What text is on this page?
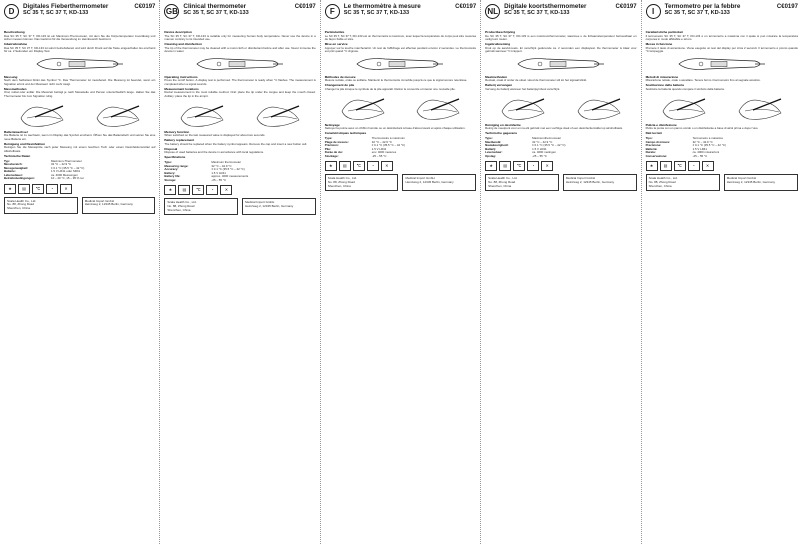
D
Digitales Fieberthermometer
SC 35 T, SC 37 T, KD-133
C€0197
Beschreibung
Das SC 35 T, SC 37 T, KD-133 ist ein Maximum-Thermometer, mit dem Sie die Körpertemperatur zuverlässig und sicher messen können. Das Gerät ist für die Verwendung im Heimbereich bestimmt.
Inbetriebnahme
Das SC 35 T, SC 37 T, KD-133 ist sofort betriebsbereit und wird durch Druck auf die Taste eingeschaltet. Es erscheint für ca. 2 Sekunden ein Display-Test.
Messung
Nach dem Selbsttest blinkt das Symbol °C. Das Thermometer ist messbereit. Die Messung ist beendet, wenn ein Signalton ertönt und der Messwert nicht mehr steigt.
Messmethoden
Oral, rektal oder axillar. Die Messzeit beträgt je nach Messstelle und Person unterschiedlich lange. Halten Sie das Thermometer bis zum Signalton ruhig.
Batteriewechsel
Die Batterie ist zu wechseln, wenn im Display das Symbol erscheint. Öffnen Sie das Batteriefach und setzen Sie eine neue Batterie ein.
Reinigung und Desinfektion
Reinigen Sie die Messspitze nach jeder Messung mit einem feuchten Tuch oder einem Desinfektionsmittel auf Alkoholbasis.
Technische Daten
Typ:	Maximum-Thermometer
Messbereich:	32 °C – 42.9 °C
Messgenauigkeit:	± 0.1 °C (35.5 °C – 42 °C)
Batterie:	1.5 V LR41 oder SR41
Lebensdauer:	ca. 4000 Messungen
Betriebsbedingungen:	10 – 40 °C, 15 – 95 % rel.
★	▤	℃	◔	✕
Scala Health Co., Ltd.
No. 88, Zhong Road
Shenzhen, China
Medical Import GmbH
Heinzweg 2, 12345 Berlin, Germany
GB
Clinical thermometer
SC 35 T, SC 37 T, KD-133
C€0197
Device description
The SC 35 T, SC 37 T, KD-133 is suitable only for measuring human body temperature. Never use the device in a manner contrary to its intended use.
Cleaning and disinfection
The tip of the thermometer may be cleaned with a moist cloth or disinfectant before and after use. Never immerse the device in water.
Operating instructions
Press the on/off button. A display test is performed. The thermometer is ready when °C flashes. The measurement is completed when a signal sounds.
Measurement locations
Rectal measurement is the most reliable method. Oral: place the tip under the tongue and keep the mouth closed. Axillary: place the tip in the armpit.
Memory function
When switched on the last measured value is displayed for about two seconds.
Battery replacement
The battery should be replaced when the battery symbol appears. Remove the cap and insert a new button cell.
Disposal
Dispose of used batteries and the device in accordance with local regulations.
Specifications
Type:	Maximum thermometer
Measuring range:	32 °C – 42.9 °C
Accuracy:	± 0.1 °C (35.5 °C – 42 °C)
Battery:	1.5 V LR41
Battery life:	approx. 4000 measurements
Storage:	-25 – 55 °C
★	▤	℃	◔	✕
Scala Health Co., Ltd.
No. 88, Zhong Road
Shenzhen, China
Medical Import GmbH
Heinzweg 2, 12345 Berlin, Germany
F
Le thermomètre à mesure
SC 35 T, SC 37 T, KD-133
C€0197
Particularités
Le SC 35 T, SC 37 T, KD-133 est un thermomètre à maximum, avec lequel la température du corps peut être mesurée de façon fiable et sûre.
Mise en service
Appuyer sur la touche marche/arrêt. Un test de l'affichage est effectué pendant environ 2 secondes. Le thermomètre est prêt quand °C clignote.
Méthodes de mesure
Mesure rectale, orale ou axillaire. Maintenir le thermomètre immobile jusqu'à ce que le signal sonore retentisse.
Changement de pile
Changer la pile lorsque le symbole de la pile apparaît. Retirer le couvercle et insérer une nouvelle pile.
Nettoyage
Nettoyer la pointe avec un chiffon humide ou un désinfectant à base d'alcool avant et après chaque utilisation.
Caractéristiques techniques
Type:	Thermomètre à maximum
Plage de mesure:	32 °C – 42.9 °C
Précision:	± 0.1 °C (35.5 °C – 42 °C)
Pile:	1.5 V LR41
Durée de vie:	env. 4000 mesures
Stockage:	-25 – 55 °C
★	▤	℃	◔	✕
Scala Health Co., Ltd.
No. 88, Zhong Road
Shenzhen, China
Medical Import GmbH
Heinzweg 2, 12345 Berlin, Germany
NL
Digitale koortsthermometer
SC 35 T, SC 37 T, KD-133
C€0197
Productbeschrijving
De SC 35 T, SC 37 T, KD-133 is een maximumthermometer, waarmee u de lichaamstemperatuur betrouwbaar en veilig kunt meten.
Ingebruikneming
Druk op de aan/uit-toets. Er verschijnt gedurende ca. 2 seconden een displaytest. De thermometer is klaar voor gebruik wanneer °C knippert.
Meetmethoden
Rectaal, oraal of onder de oksel. Houd de thermometer stil tot het signaal klinkt.
Batterij vervangen
Vervang de batterij wanneer het batterijsymbool verschijnt.
Reiniging en desinfectie
Reinig de meetpunt voor en na elk gebruik met een vochtige doek of een desinfectiemiddel op alcoholbasis.
Technische gegevens
Type:	Maximumthermometer
Meetbereik:	32 °C – 42.9 °C
Nauwkeurigheid:	± 0.1 °C (35.5 °C – 42 °C)
Batterij:	1.5 V LR41
Levensduur:	ca. 4000 metingen
Opslag:	-25 – 55 °C
★	▤	℃	◔	✕
Scala Health Co., Ltd.
No. 88, Zhong Road
Shenzhen, China
Medical Import GmbH
Heinzweg 2, 12345 Berlin, Germany
I
Termometro per la febbre
SC 35 T, SC 37 T, KD-133
C€0197
Caratteristiche particolari
Il termometro SC 35 T, SC 37 T, KD-133 è un termometro a massima con il quale si può misurare la temperatura corporea in modo affidabile e sicuro.
Messa in funzione
Premere il tasto di accensione. Viene eseguito un test del display per circa 2 secondi. Il termometro è pronto quando °C lampeggia.
Metodi di misurazione
Misurazione rettale, orale o ascellare. Tenere fermo il termometro fino al segnale acustico.
Sostituzione della batteria
Sostituire la batteria quando compare il simbolo della batteria.
Pulizia e disinfezione
Pulire la punta con un panno umido o un disinfettante a base di alcol prima e dopo l'uso.
Dati tecnici
Tipo:	Termometro a massima
Campo di misura:	32 °C – 42.9 °C
Precisione:	± 0.1 °C (35.5 °C – 42 °C)
Batteria:	1.5 V LR41
Durata:	ca. 4000 misurazioni
Conservazione:	-25 – 55 °C
★	▤	℃	◔	✕
Scala Health Co., Ltd.
No. 88, Zhong Road
Shenzhen, China
Medical Import GmbH
Heinzweg 2, 12345 Berlin, Germany
